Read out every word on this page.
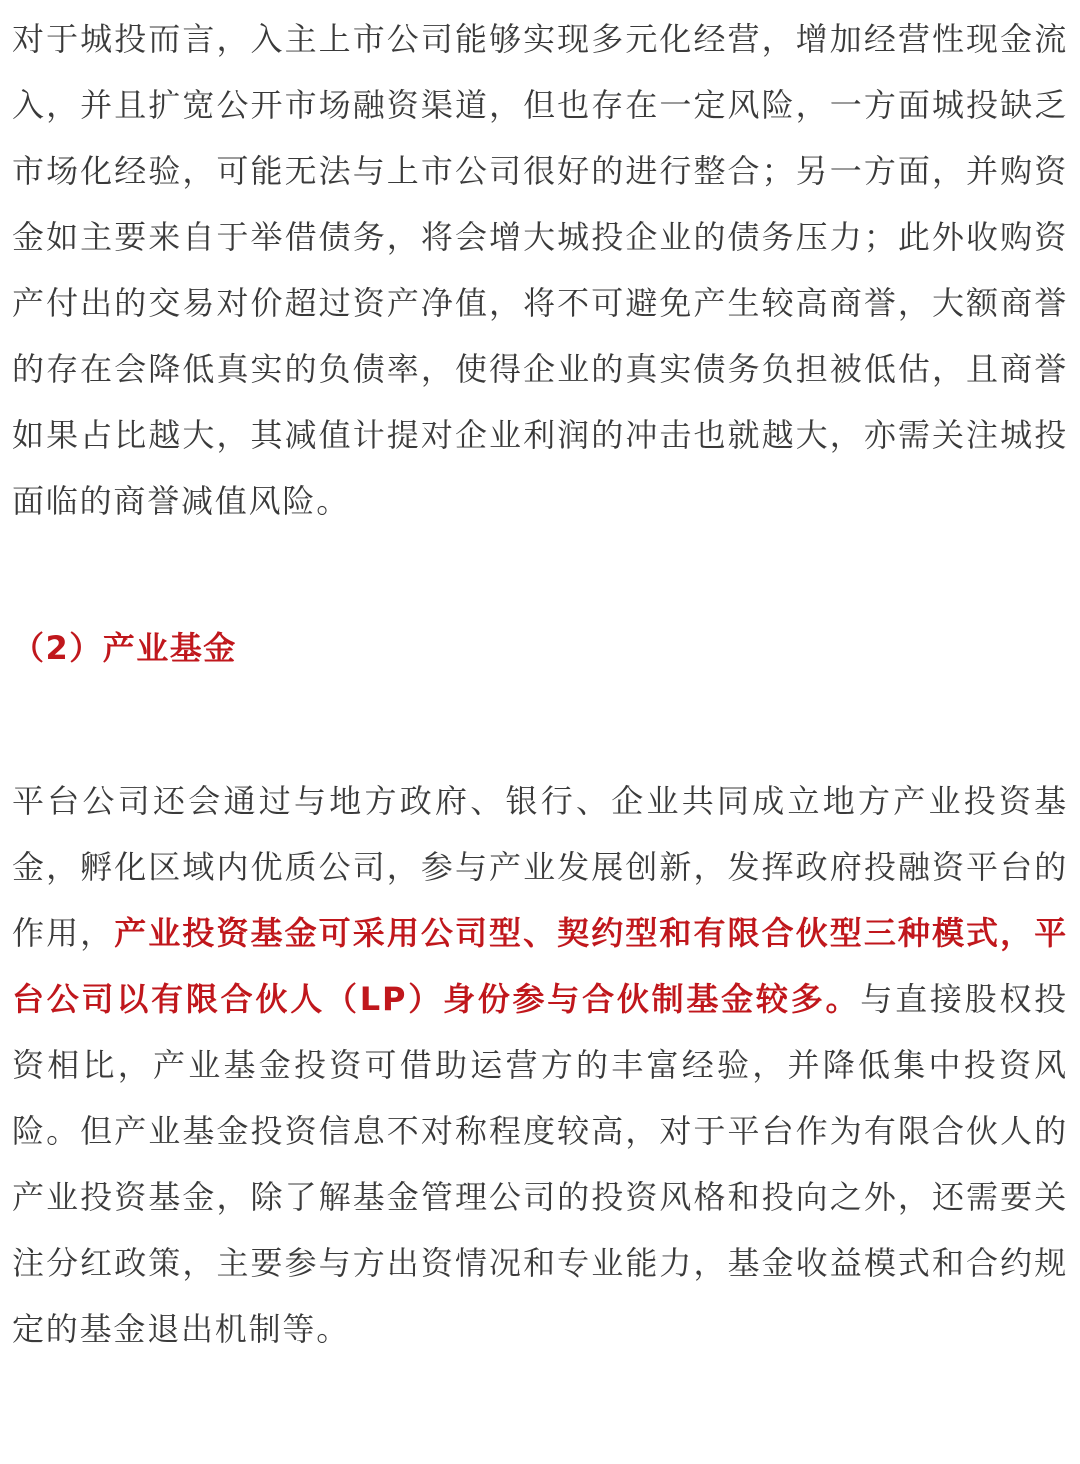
对于城投而言，入主上市公司能够实现多元化经营，增加经营性现金流入，并且扩宽公开市场融资渠道，但也存在一定风险，一方面城投缺乏市场化经验，可能无法与上市公司很好的进行整合；另一方面，并购资金如主要来自于举借债务，将会增大城投企业的债务压力；此外收购资产付出的交易对价超过资产净值，将不可避免产生较高商誉，大额商誉的存在会降低真实的负债率，使得企业的真实债务负担被低估，且商誉如果占比越大，其减值计提对企业利润的冲击也就越大，亦需关注城投面临的商誉减值风险。

（2）产业基金

平台公司还会通过与地方政府、银行、企业共同成立地方产业投资基金，孵化区域内优质公司，参与产业发展创新，发挥政府投融资平台的作用，产业投资基金可采用公司型、契约型和有限合伙型三种模式，平台公司以有限合伙人（LP）身份参与合伙制基金较多。与直接股权投资相比，产业基金投资可借助运营方的丰富经验，并降低集中投资风险。但产业基金投资信息不对称程度较高，对于平台作为有限合伙人的产业投资基金，除了解基金管理公司的投资风格和投向之外，还需要关注分红政策，主要参与方出资情况和专业能力，基金收益模式和合约规定的基金退出机制等。
